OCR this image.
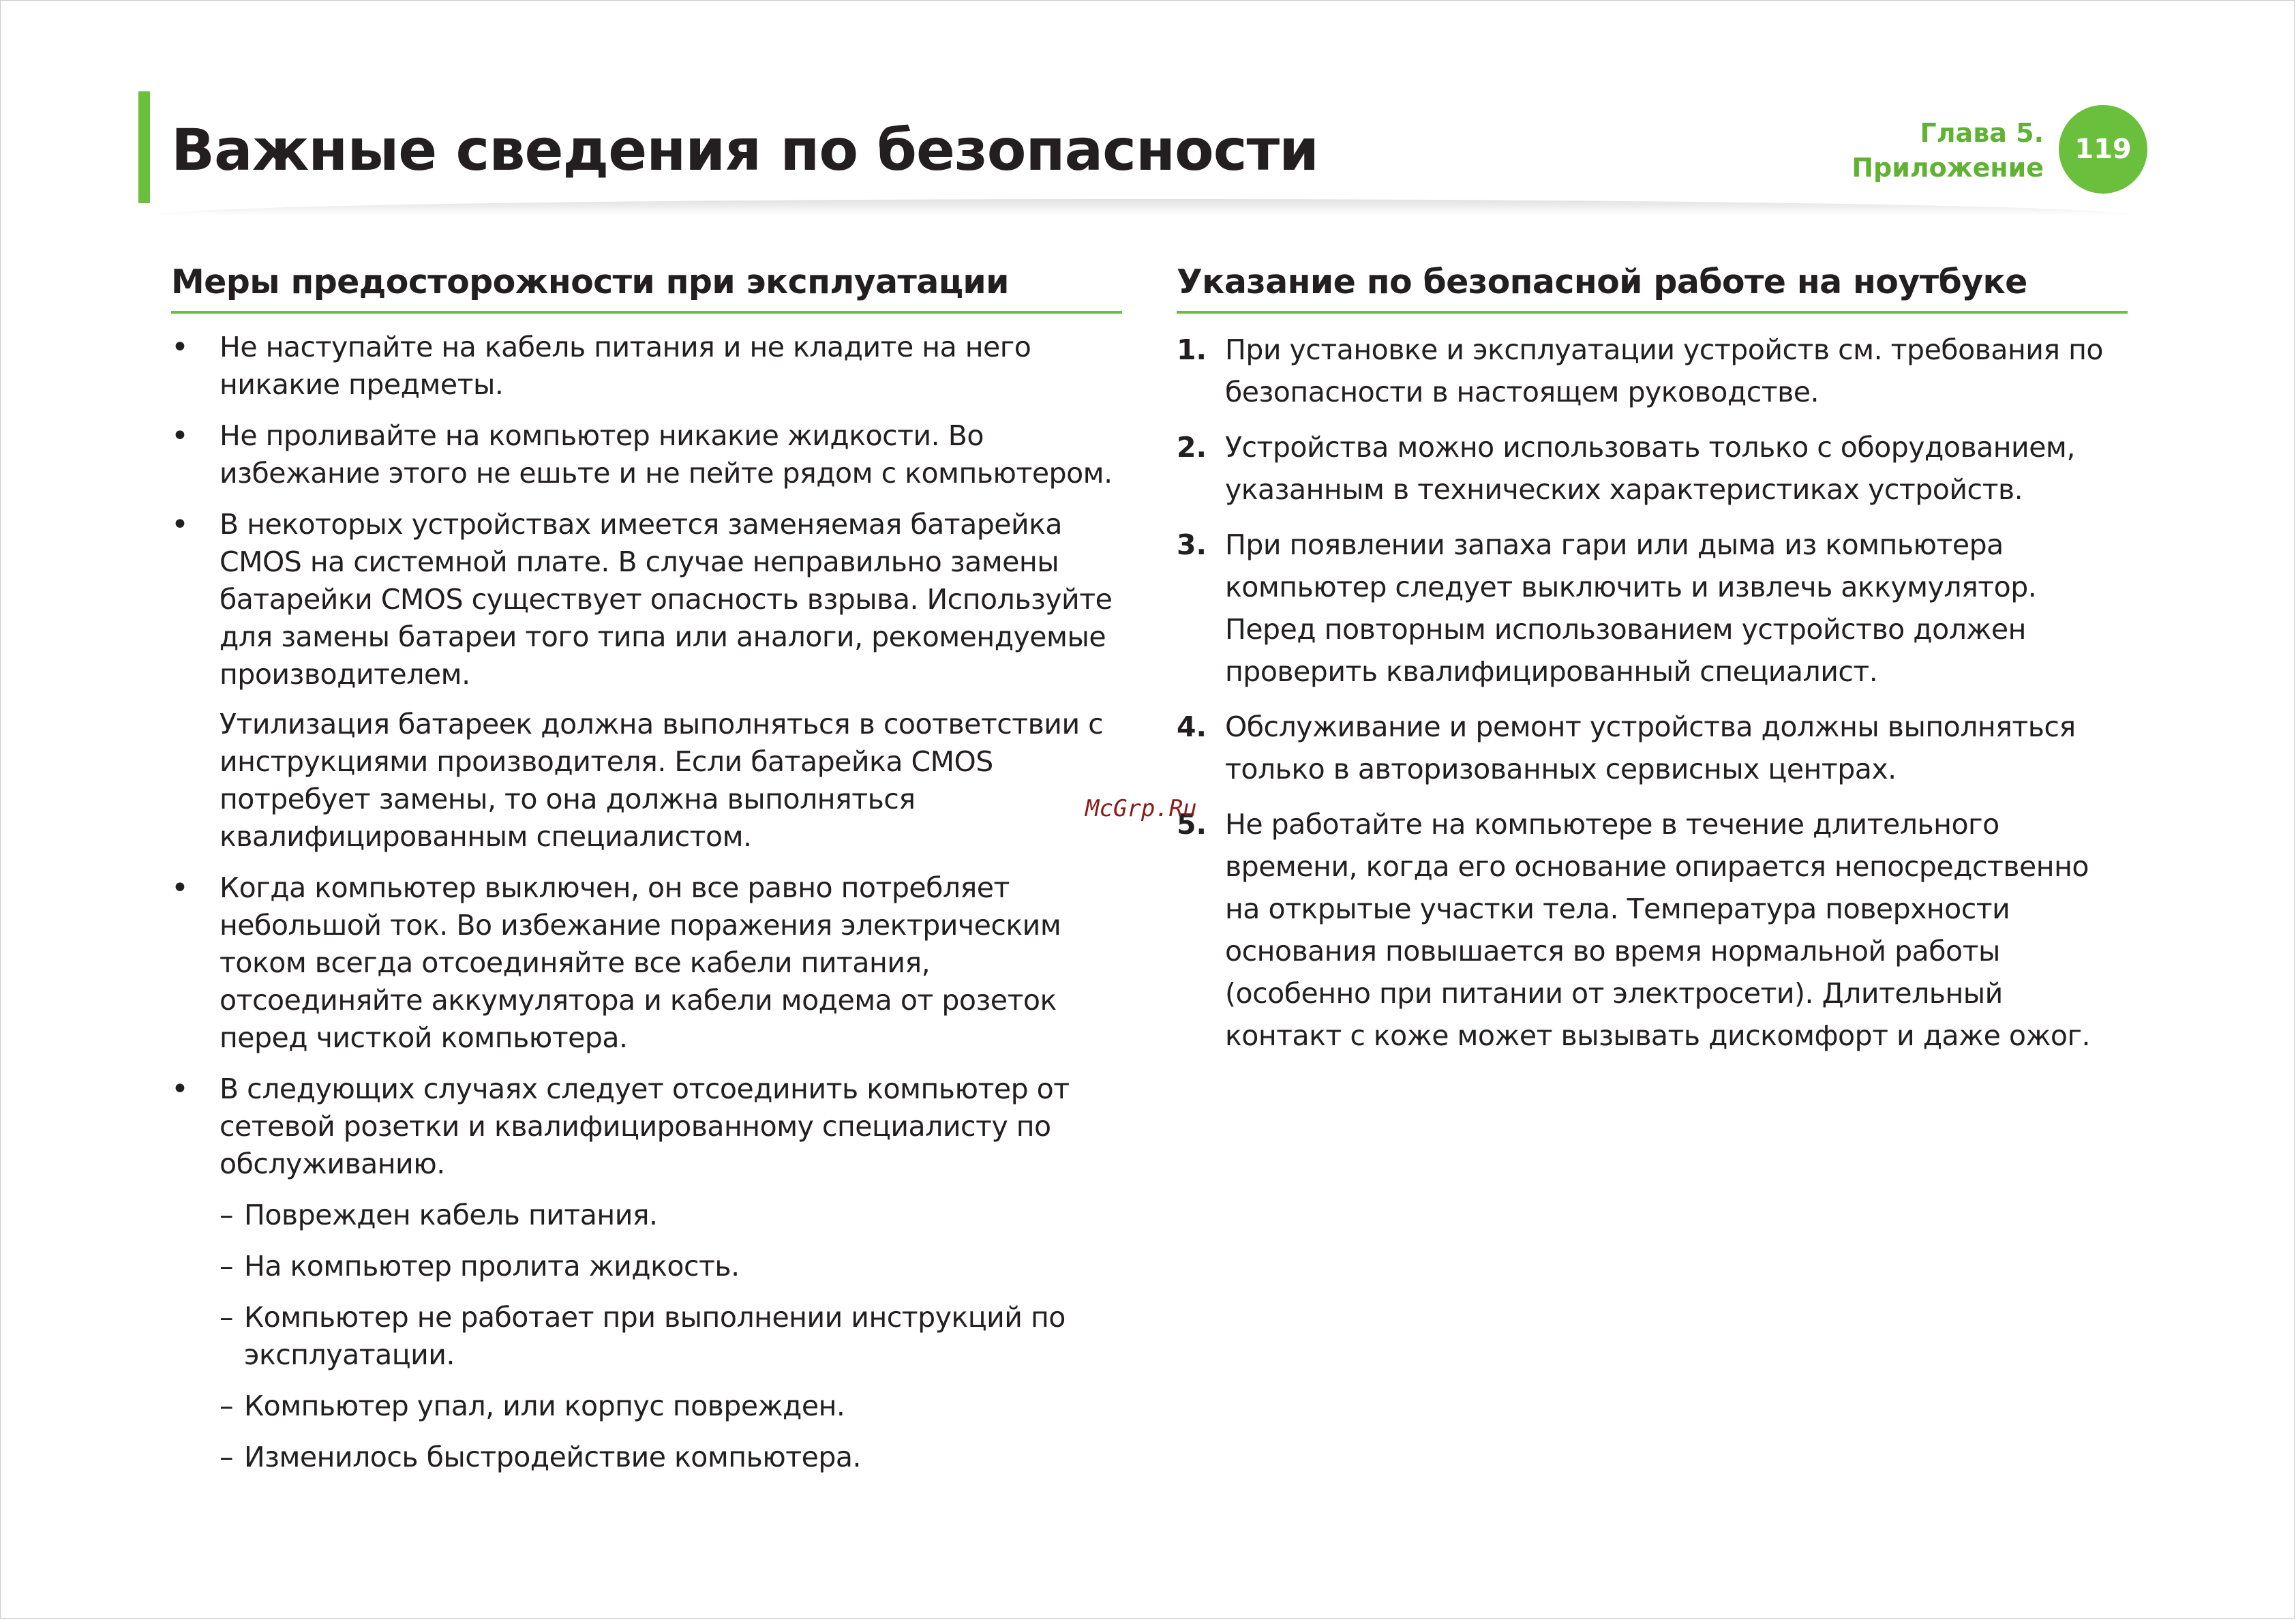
Важные сведения по безопасности	Глава 5.
Приложение
119
Меры предосторожности при эксплуатации
• Не наступайте на кабель питания и не кладите на него никакие предметы.
• Не проливайте на компьютер никакие жидкости. Во избежание этого не ешьте и не пейте рядом с компьютером.
• В некоторых устройствах имеется заменяемая батарейка CMOS на системной плате. В случае неправильно замены батарейки CMOS существует опасность взрыва. Используйте для замены батареи того типа или аналоги, рекомендуемые производителем.
Утилизация батареек должна выполняться в соответствии с инструкциями производителя. Если батарейка CMOS потребует замены, то она должна выполняться квалифицированным специалистом.
• Когда компьютер выключен, он все равно потребляет небольшой ток. Во избежание поражения электрическим током всегда отсоединяйте все кабели питания, отсоединяйте аккумулятора и кабели модема от розеток перед чисткой компьютера.
• В следующих случаях следует отсоединить компьютер от сетевой розетки и квалифицированному специалисту по обслуживанию.
– Поврежден кабель питания.
– На компьютер пролита жидкость.
– Компьютер не работает при выполнении инструкций по эксплуатации.
– Компьютер упал, или корпус поврежден.
– Изменилось быстродействие компьютера.
Указание по безопасной работе на ноутбуке
1. При установке и эксплуатации устройств см. требования по безопасности в настоящем руководстве.
2. Устройства можно использовать только с оборудованием, указанным в технических характеристиках устройств.
3. При появлении запаха гари или дыма из компьютера компьютер следует выключить и извлечь аккумулятор. Перед повторным использованием устройство должен проверить квалифицированный специалист.
4. Обслуживание и ремонт устройства должны выполняться только в авторизованных сервисных центрах.
5. Не работайте на компьютере в течение длительного времени, когда его основание опирается непосредственно на открытые участки тела. Температура поверхности основания повышается во время нормальной работы (особенно при питании от электросети). Длительный контакт с коже может вызывать дискомфорт и даже ожог.
McGrp.Ru
